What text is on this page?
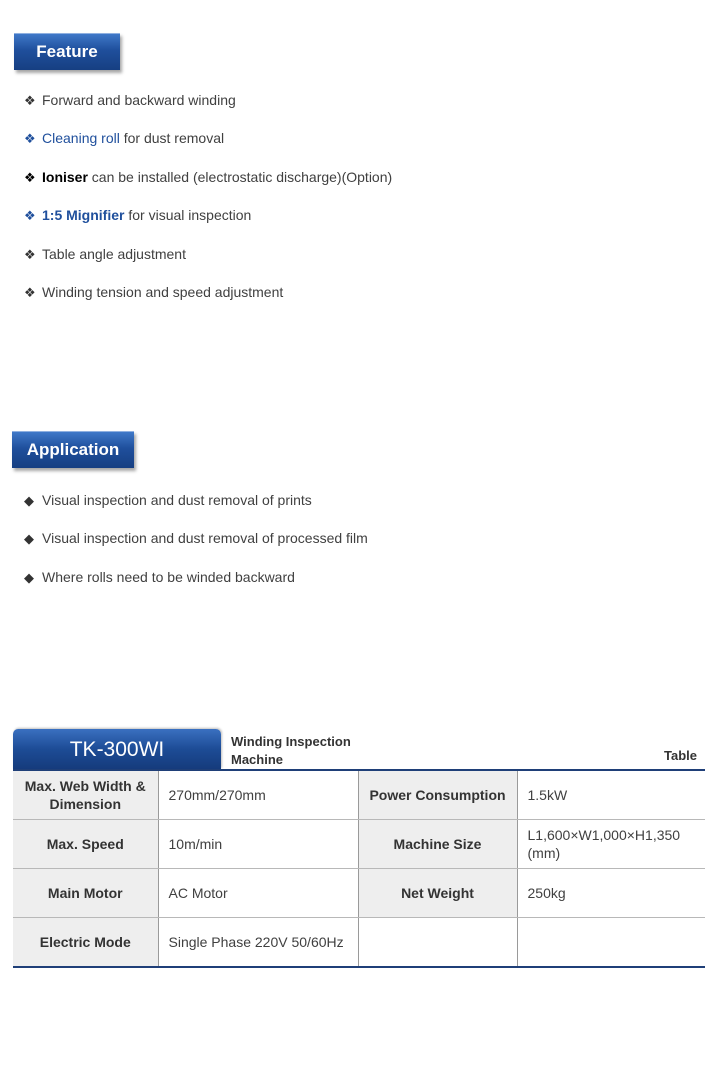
Feature
❖ Forward and backward winding
❖ Cleaning roll for dust removal
❖ Ioniser can be installed (electrostatic discharge)(Option)
❖ 1:5 Mignifier for visual inspection
❖ Table angle adjustment
❖ Winding tension and speed adjustment
Application
◆ Visual inspection and dust removal of prints
◆ Visual inspection and dust removal of processed film
◆ Where rolls need to be winded backward
TK-300WI	Winding Inspection Machine	Table
Max. Web Width & Dimension	270mm/270mm	Power Consumption	1.5kW
Max. Speed	10m/min	Machine Size	L1,600×W1,000×H1,350 (mm)
Main Motor	AC Motor	Net Weight	250kg
Electric Mode	Single Phase 220V 50/60Hz		
